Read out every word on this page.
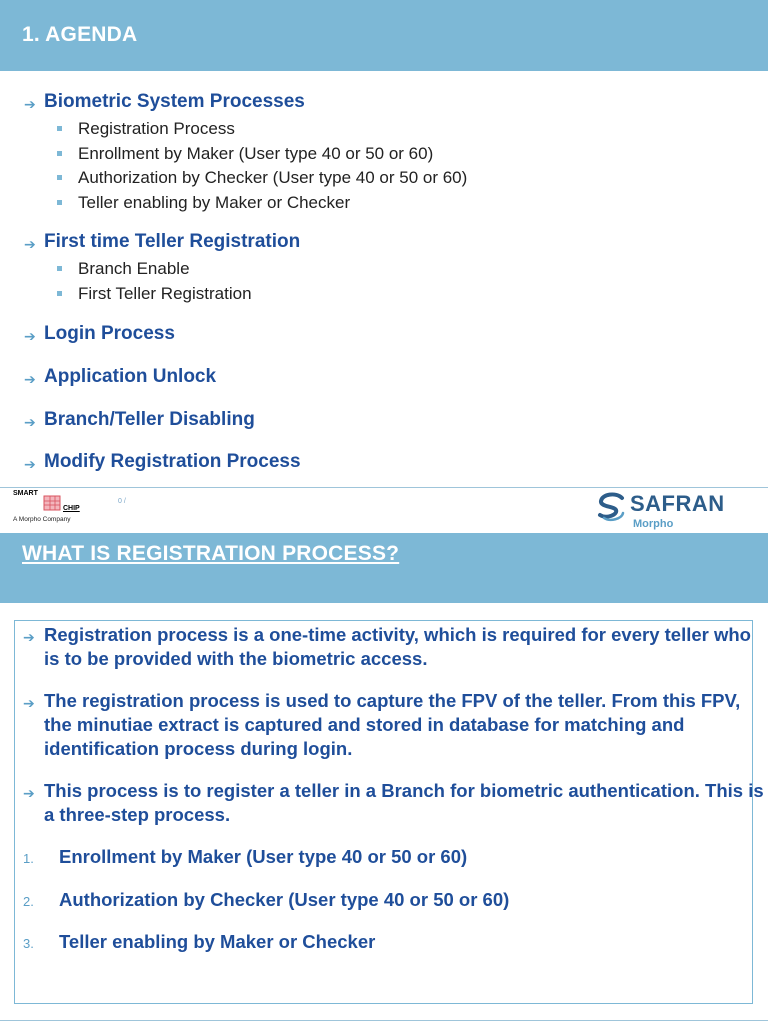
1. AGENDA
➔ Biometric System Processes
Registration Process
Enrollment by Maker (User type 40 or 50 or 60)
Authorization by Checker (User type 40 or 50 or 60)
Teller enabling by Maker or Checker
➔ First time Teller Registration
Branch Enable
First Teller Registration
➔ Login Process
➔ Application Unlock
➔ Branch/Teller Disabling
➔ Modify Registration Process
SMART
CHIP
A Morpho Company
0 /	SAFRAN
Morpho
WHAT IS REGISTRATION PROCESS?
➔ Registration process is a one-time activity, which is required for every teller who is to be provided with the biometric access.
➔ The registration process is used to capture the FPV of the teller. From this FPV, the minutiae extract is captured and stored in database for matching and identification process during login.
➔ This process is to register a teller in a Branch for biometric authentication. This is a three-step process.
1. Enrollment by Maker (User type 40 or 50 or 60)
2. Authorization by Checker (User type 40 or 50 or 60)
3. Teller enabling by Maker or Checker
